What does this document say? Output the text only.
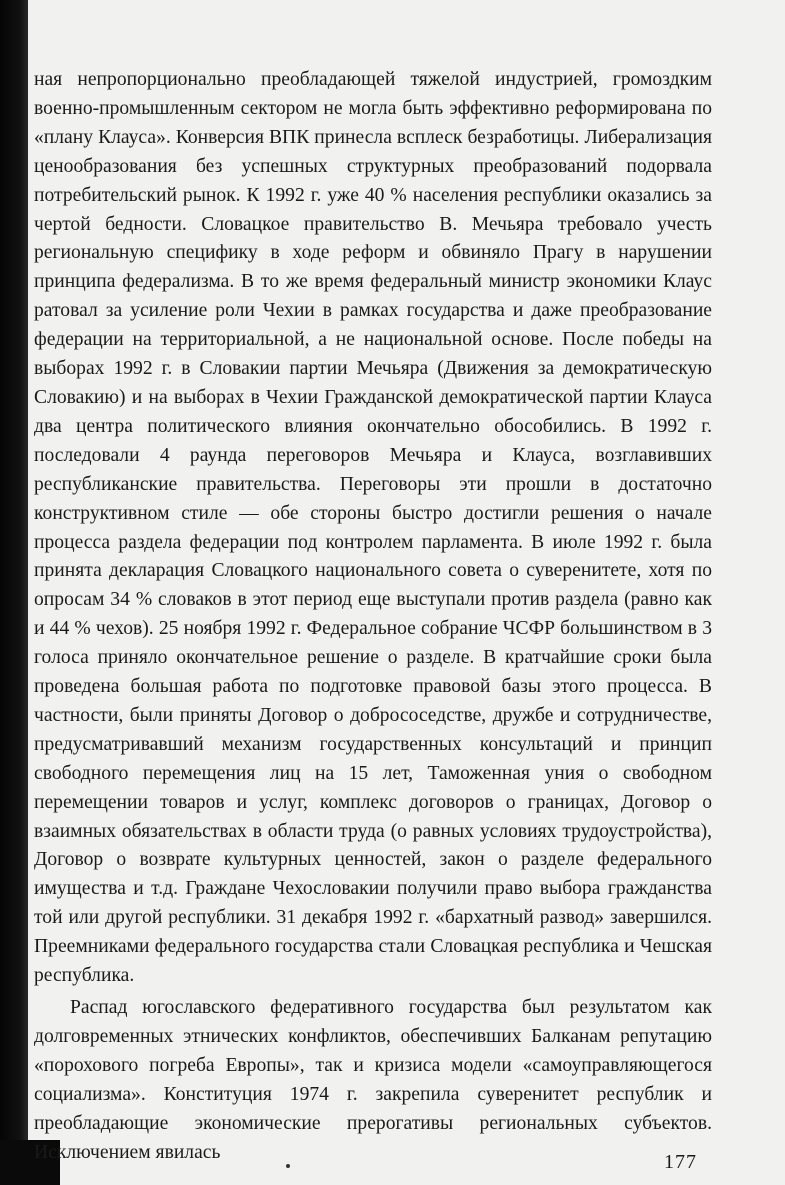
ная непропорционально преобладающей тяжелой индустрией, громоздким военно-промышленным сектором не могла быть эффективно реформирована по «плану Клауса». Конверсия ВПК принесла всплеск безработицы. Либерализация ценообразования без успешных структурных преобразований подорвала потребительский рынок. К 1992 г. уже 40 % населения республики оказались за чертой бедности. Словацкое правительство В. Мечьяра требовало учесть региональную специфику в ходе реформ и обвиняло Прагу в нарушении принципа федерализма. В то же время федеральный министр экономики Клаус ратовал за усиление роли Чехии в рамках государства и даже преобразование федерации на территориальной, а не национальной основе. После победы на выборах 1992 г. в Словакии партии Мечьяра (Движения за демократическую Словакию) и на выборах в Чехии Гражданской демократической партии Клауса два центра политического влияния окончательно обособились. В 1992 г. последовали 4 раунда переговоров Мечьяра и Клауса, возглавивших республиканские правительства. Переговоры эти прошли в достаточно конструктивном стиле — обе стороны быстро достигли решения о начале процесса раздела федерации под контролем парламента. В июле 1992 г. была принята декларация Словацкого национального совета о суверенитете, хотя по опросам 34 % словаков в этот период еще выступали против раздела (равно как и 44 % чехов). 25 ноября 1992 г. Федеральное собрание ЧСФР большинством в 3 голоса приняло окончательное решение о разделе. В кратчайшие сроки была проведена большая работа по подготовке правовой базы этого процесса. В частности, были приняты Договор о добрососедстве, дружбе и сотрудничестве, предусматривавший механизм государственных консультаций и принцип свободного перемещения лиц на 15 лет, Таможенная уния о свободном перемещении товаров и услуг, комплекс договоров о границах, Договор о взаимных обязательствах в области труда (о равных условиях трудоустройства), Договор о возврате культурных ценностей, закон о разделе федерального имущества и т.д. Граждане Чехословакии получили право выбора гражданства той или другой республики. 31 декабря 1992 г. «бархатный развод» завершился. Преемниками федерального государства стали Словацкая республика и Чешская республика.

Распад югославского федеративного государства был результатом как долговременных этнических конфликтов, обеспечивших Балканам репутацию «порохового погреба Европы», так и кризиса модели «самоуправляющегося социализма». Конституция 1974 г. закрепила суверенитет республик и преобладающие экономические прерогативы региональных субъектов. Исключением явилась	177
